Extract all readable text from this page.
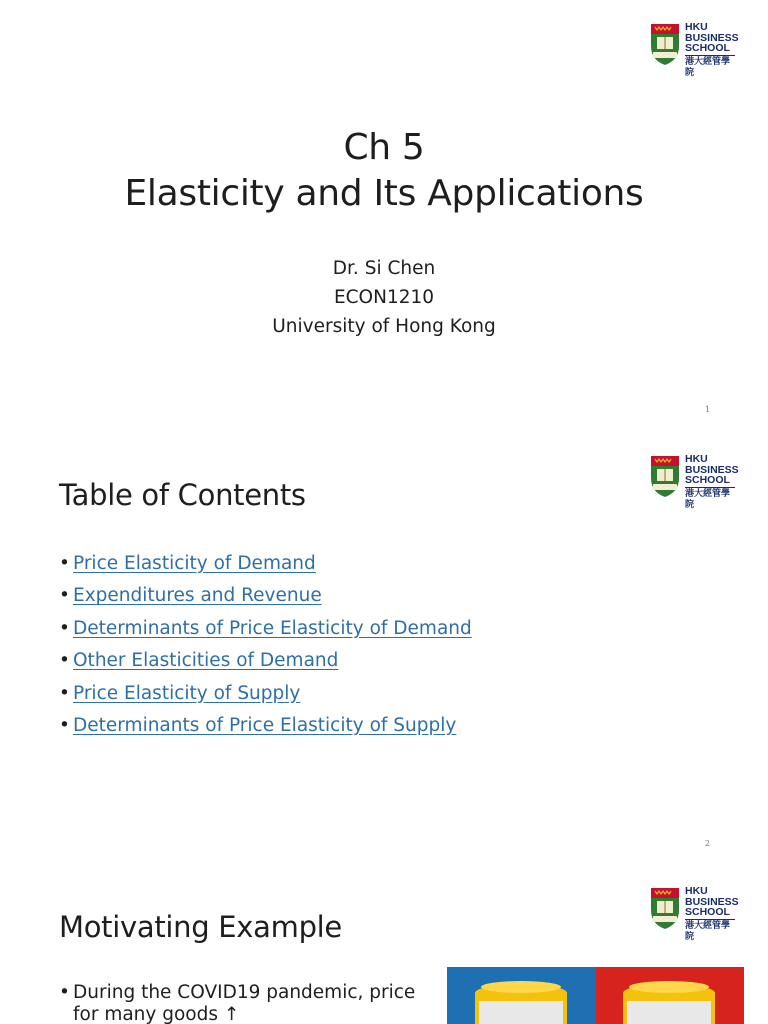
HKU
BUSINESS
SCHOOL
港大經管學院
Ch 5
Elasticity and Its Applications
Dr. Si Chen
ECON1210
University of Hong Kong
1
HKU
BUSINESS
SCHOOL
港大經管學院
Table of Contents
• Price Elasticity of Demand
• Expenditures and Revenue
• Determinants of Price Elasticity of Demand
• Other Elasticities of Demand
• Price Elasticity of Supply
• Determinants of Price Elasticity of Supply
2
HKU
BUSINESS
SCHOOL
港大經管學院
Motivating Example
• During the COVID19 pandemic, price
for many goods ↑
